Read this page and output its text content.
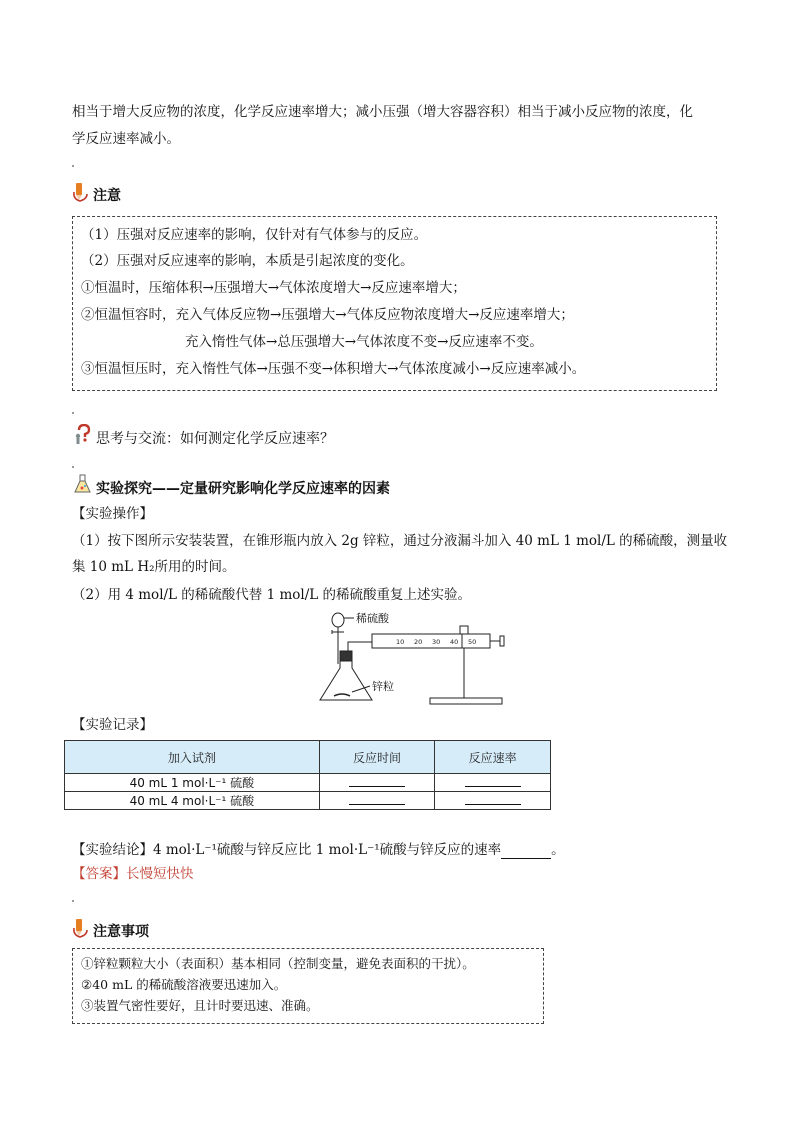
相当于增大反应物的浓度，化学反应速率增大；减小压强（增大容器容积）相当于减小反应物的浓度，化
学反应速率减小。
注意
（1）压强对反应速率的影响，仅针对有气体参与的反应。
（2）压强对反应速率的影响，本质是引起浓度的变化。
①恒温时，压缩体积→压强增大→气体浓度增大→反应速率增大；
②恒温恒容时，充入气体反应物→压强增大→气体反应物浓度增大→反应速率增大；
充入惰性气体→总压强增大→气体浓度不变→反应速率不变。
③恒温恒压时，充入惰性气体→压强不变→体积增大→气体浓度减小→反应速率减小。
思考与交流：如何测定化学反应速率？
实验探究——定量研究影响化学反应速率的因素
【实验操作】
（1）按下图所示安装装置，在锥形瓶内放入 2g 锌粒，通过分液漏斗加入 40 mL 1 mol/L 的稀硫酸，测量收
集 10 mL H₂所用的时间。
（2）用 4 mol/L 的稀硫酸代替 1 mol/L 的稀硫酸重复上述实验。
稀硫酸
锌粒
10 20 30 40 50
【实验记录】
加入试剂	反应时间	反应速率
40 mL 1 mol·L⁻¹ 硫酸		
40 mL 4 mol·L⁻¹ 硫酸		
【实验结论】4 mol·L⁻¹硫酸与锌反应比 1 mol·L⁻¹硫酸与锌反应的速率	。
【答案】长慢短快快
注意事项
①锌粒颗粒大小（表面积）基本相同（控制变量，避免表面积的干扰）。
②40 mL 的稀硫酸溶液要迅速加入。
③装置气密性要好，且计时要迅速、准确。
